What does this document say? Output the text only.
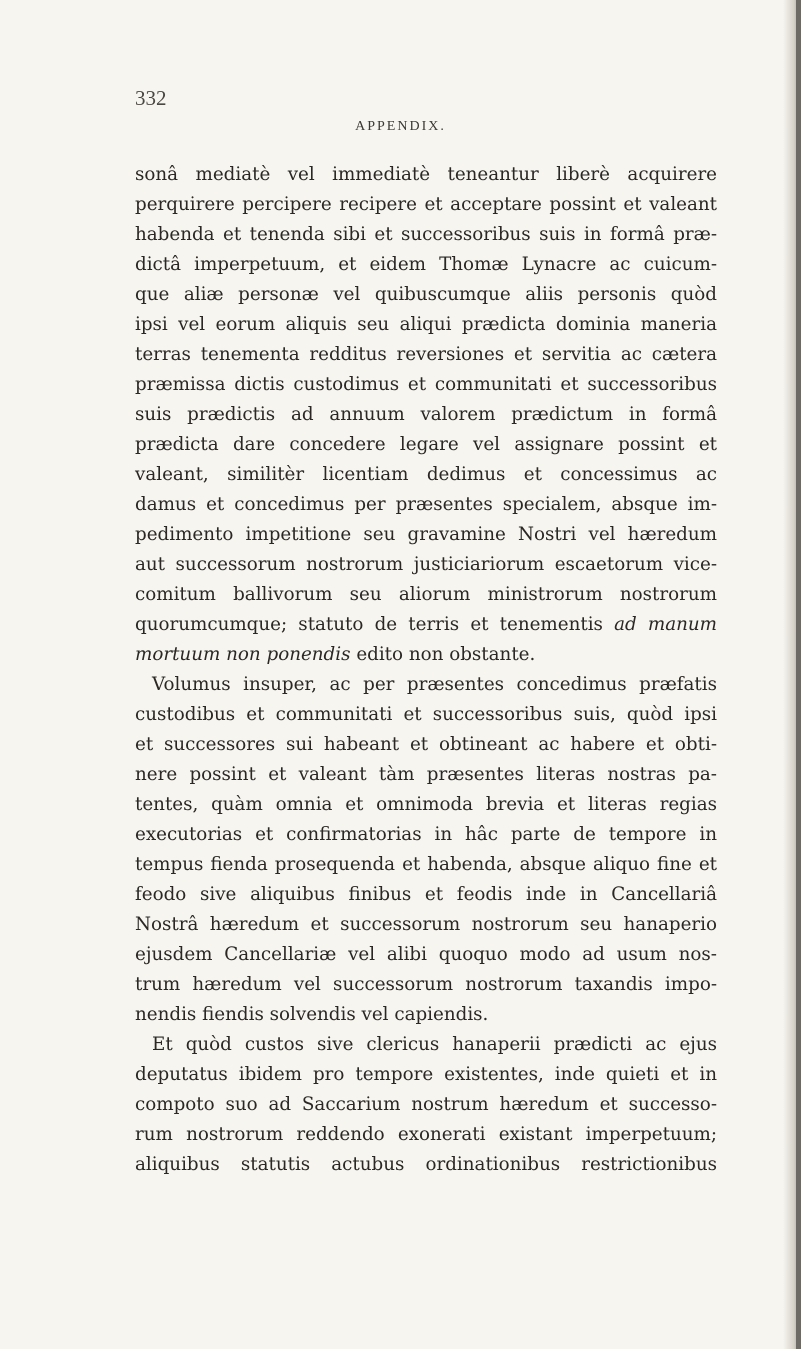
332
APPENDIX.
sonâ mediatè vel immediatè teneantur liberè acquirere
perquirere percipere recipere et acceptare possint et valeant
habenda et tenenda sibi et successoribus suis in formâ præ-
dictâ imperpetuum, et eidem Thomæ Lynacre ac cuicum-
que aliæ personæ vel quibuscumque aliis personis quòd
ipsi vel eorum aliquis seu aliqui prædicta dominia maneria
terras tenementa redditus reversiones et servitia ac cætera
præmissa dictis custodimus et communitati et successoribus
suis prædictis ad annuum valorem prædictum in formâ
prædicta dare concedere legare vel assignare possint et
valeant, similitèr licentiam dedimus et concessimus ac
damus et concedimus per præsentes specialem, absque im-
pedimento impetitione seu gravamine Nostri vel hæredum
aut successorum nostrorum justiciariorum escaetorum vice-
comitum ballivorum seu aliorum ministrorum nostrorum
quorumcumque; statuto de terris et tenementis ad manum
mortuum non ponendis edito non obstante.
Volumus insuper, ac per præsentes concedimus præfatis
custodibus et communitati et successoribus suis, quòd ipsi
et successores sui habeant et obtineant ac habere et obti-
nere possint et valeant tàm præsentes literas nostras pa-
tentes, quàm omnia et omnimoda brevia et literas regias
executorias et confirmatorias in hâc parte de tempore in
tempus fienda prosequenda et habenda, absque aliquo fine et
feodo sive aliquibus finibus et feodis inde in Cancellariâ
Nostrâ hæredum et successorum nostrorum seu hanaperio
ejusdem Cancellariæ vel alibi quoquo modo ad usum nos-
trum hæredum vel successorum nostrorum taxandis impo-
nendis fiendis solvendis vel capiendis.
Et quòd custos sive clericus hanaperii prædicti ac ejus
deputatus ibidem pro tempore existentes, inde quieti et in
compoto suo ad Saccarium nostrum hæredum et successo-
rum nostrorum reddendo exonerati existant imperpetuum;
aliquibus statutis actubus ordinationibus restrictionibus
